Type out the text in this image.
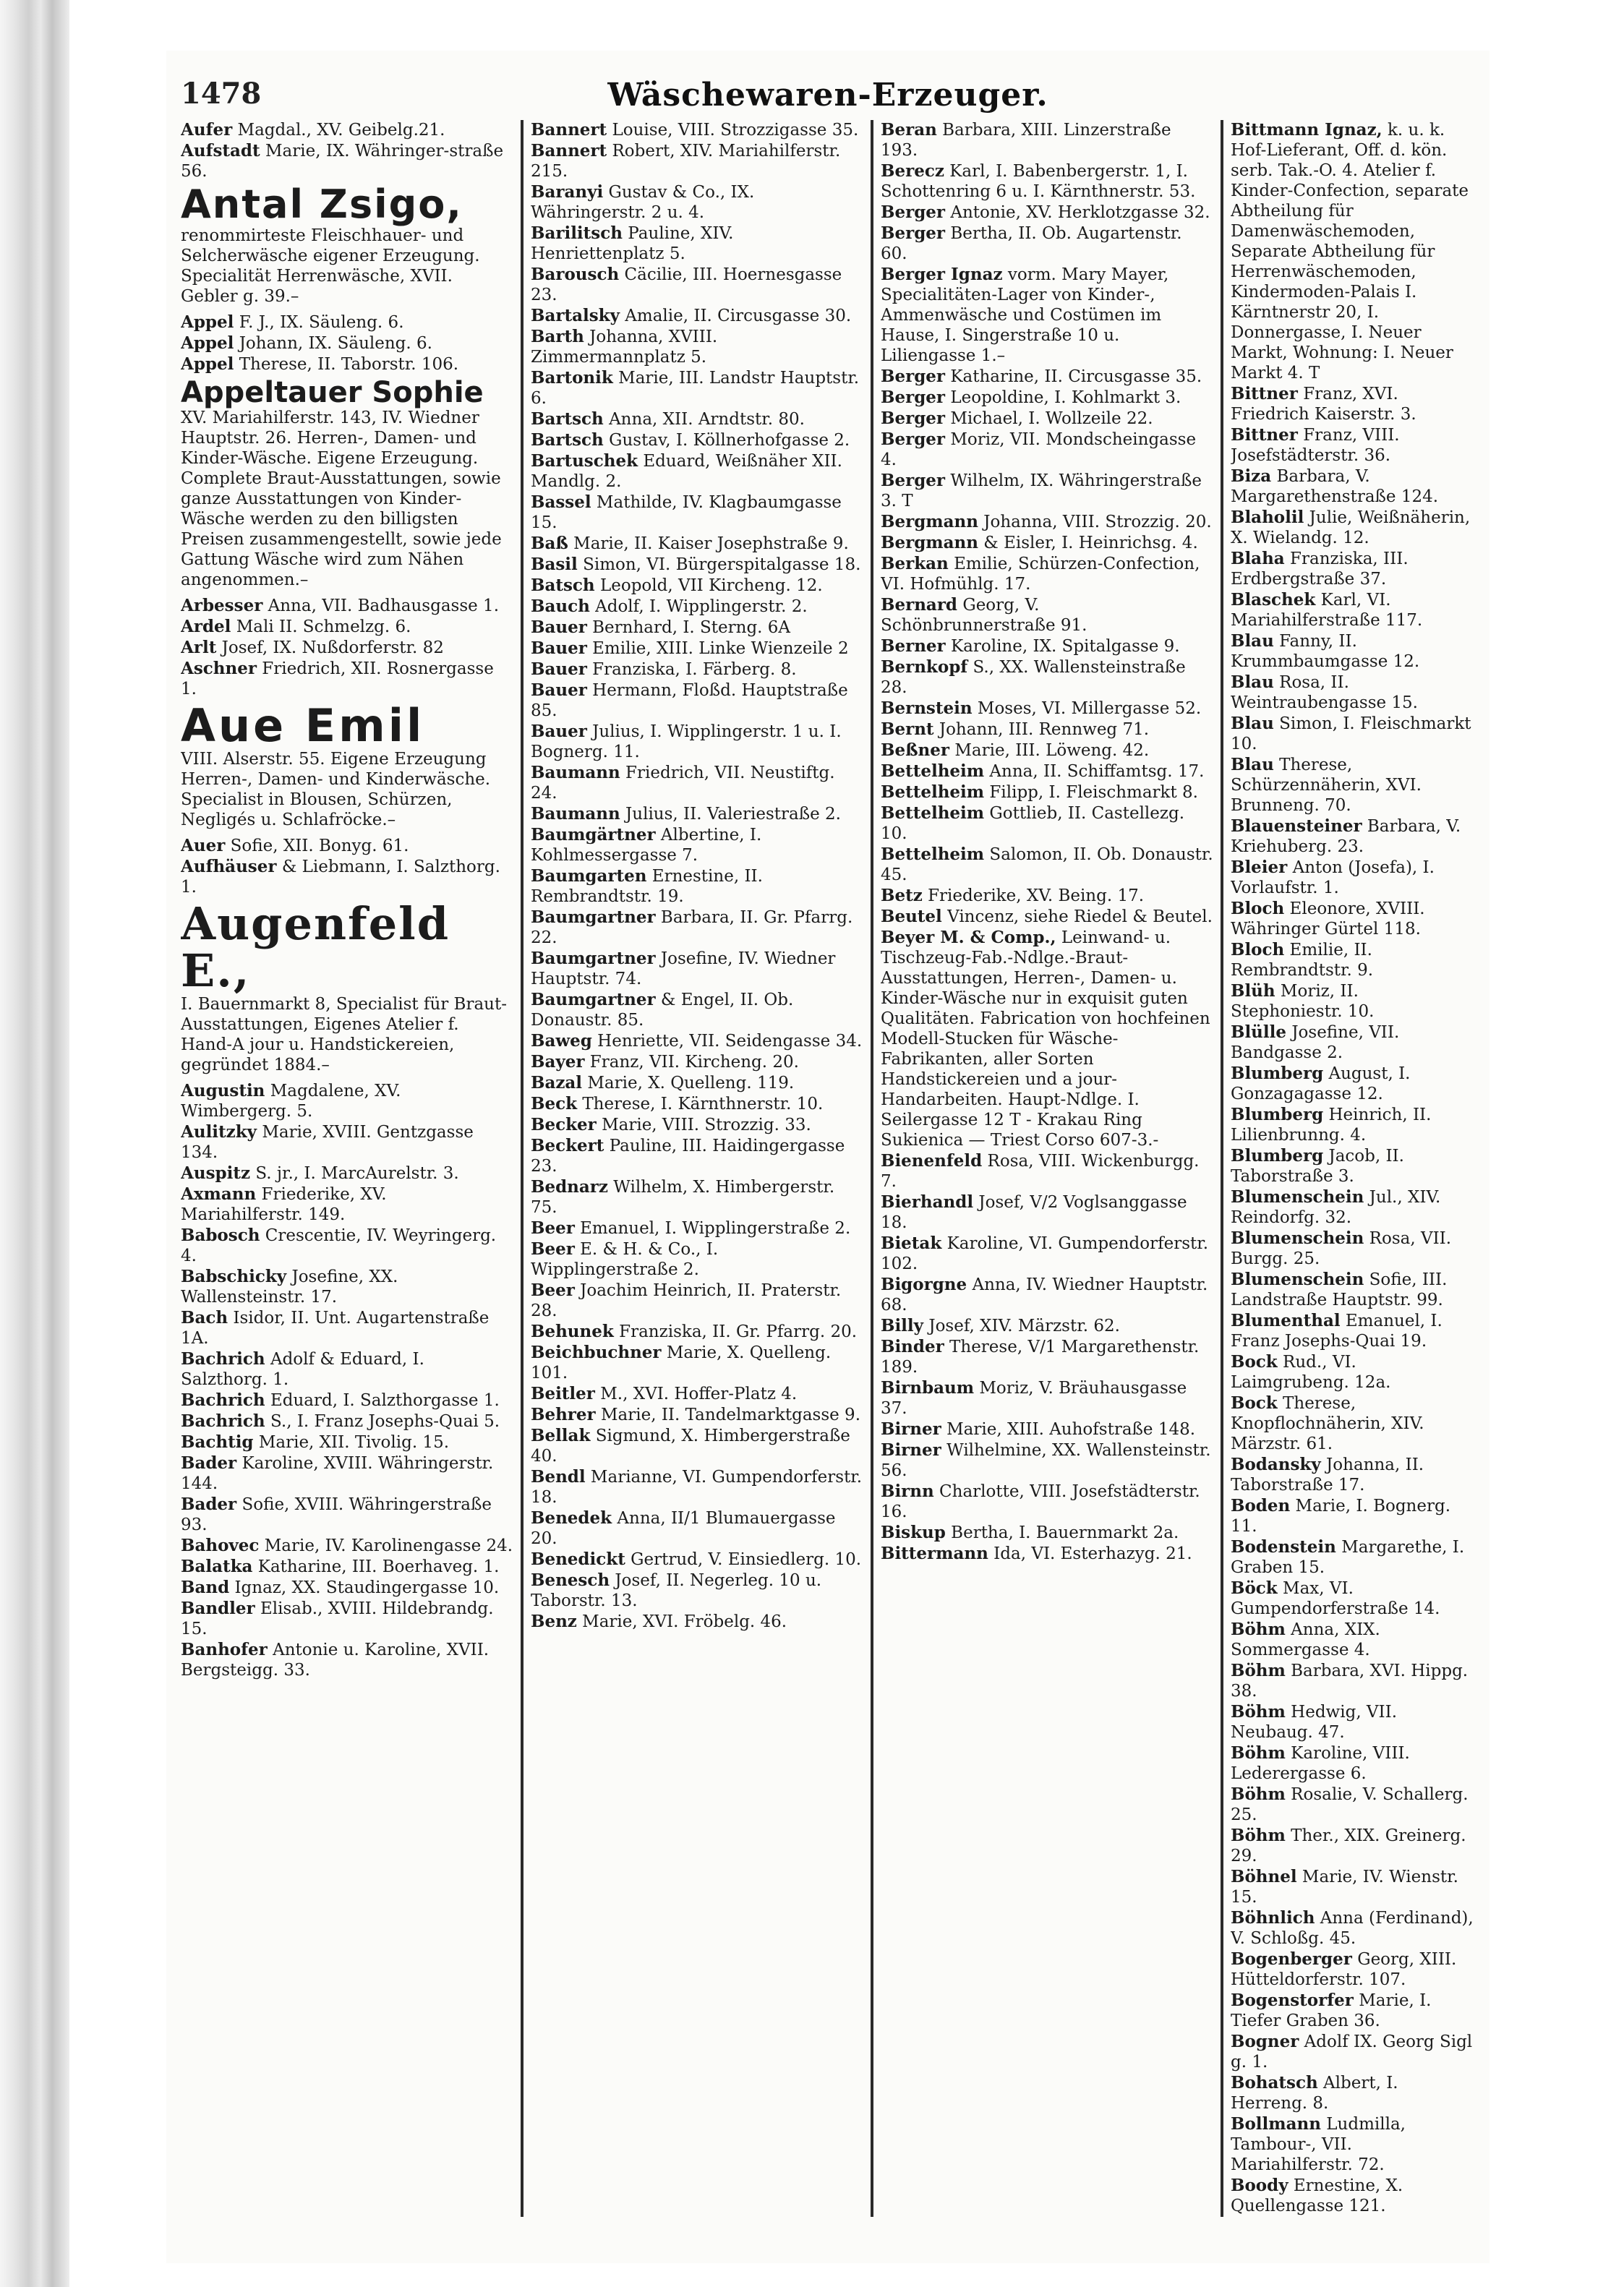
1478	Wäschewaren-Erzeuger.
Aufer Magdal., XV. Geibelg.21.
Aufstadt Marie, IX. Währinger-straße 56.
Antal Zsigo,
renommirteste Fleischhauer- und Selcherwäsche eigener Erzeugung. Specialität Herrenwäsche, XVII. Gebler g. 39.–
Appel F. J., IX. Säuleng. 6.
Appel Johann, IX. Säuleng. 6.
Appel Therese, II. Taborstr. 106.
Appeltauer Sophie
XV. Mariahilferstr. 143, IV. Wiedner Hauptstr. 26. Herren-, Damen- und Kinder-Wäsche. Eigene Erzeugung. Complete Braut-Ausstattungen, sowie ganze Ausstattungen von Kinder-Wäsche werden zu den billigsten Preisen zusammengestellt, sowie jede Gattung Wäsche wird zum Nähen angenommen.–
Arbesser Anna, VII. Badhausgasse 1.
Ardel Mali II. Schmelzg. 6.
Arlt Josef, IX. Nußdorferstr. 82
Aschner Friedrich, XII. Rosnergasse 1.
Aue Emil
VIII. Alserstr. 55. Eigene Erzeugung Herren-, Damen- und Kinderwäsche. Specialist in Blousen, Schürzen, Negligés u. Schlafröcke.–
Auer Sofie, XII. Bonyg. 61.
Aufhäuser & Liebmann, I. Salzthorg. 1.
Augenfeld E.,
I. Bauernmarkt 8, Specialist für Braut-Ausstattungen, Eigenes Atelier f. Hand-A jour u. Handstickereien, gegründet 1884.–
Augustin Magdalene, XV. Wimbergerg. 5.
Aulitzky Marie, XVIII. Gentzgasse 134.
Auspitz S. jr., I. MarcAurelstr. 3.
Axmann Friederike, XV. Mariahilferstr. 149.
Babosch Crescentie, IV. Weyringerg. 4.
Babschicky Josefine, XX. Wallensteinstr. 17.
Bach Isidor, II. Unt. Augartenstraße 1A.
Bachrich Adolf & Eduard, I. Salzthorg. 1.
Bachrich Eduard, I. Salzthorgasse 1.
Bachrich S., I. Franz Josephs-Quai 5.
Bachtig Marie, XII. Tivolig. 15.
Bader Karoline, XVIII. Währingerstr. 144.
Bader Sofie, XVIII. Währingerstraße 93.
Bahovec Marie, IV. Karolinengasse 24.
Balatka Katharine, III. Boerhaveg. 1.
Band Ignaz, XX. Staudingergasse 10.
Bandler Elisab., XVIII. Hildebrandg. 15.
Banhofer Antonie u. Karoline, XVII. Bergsteigg. 33.
Bannert Louise, VIII. Strozzigasse 35.
Bannert Robert, XIV. Mariahilferstr. 215.
Baranyi Gustav & Co., IX. Währingerstr. 2 u. 4.
Barilitsch Pauline, XIV. Henriettenplatz 5.
Barousch Cäcilie, III. Hoernesgasse 23.
Bartalsky Amalie, II. Circusgasse 30.
Barth Johanna, XVIII. Zimmermannplatz 5.
Bartonik Marie, III. Landstr Hauptstr. 6.
Bartsch Anna, XII. Arndtstr. 80.
Bartsch Gustav, I. Köllnerhofgasse 2.
Bartuschek Eduard, Weißnäher XII. Mandlg. 2.
Bassel Mathilde, IV. Klagbaumgasse 15.
Baß Marie, II. Kaiser Josephstraße 9.
Basil Simon, VI. Bürgerspitalgasse 18.
Batsch Leopold, VII Kircheng. 12.
Bauch Adolf, I. Wipplingerstr. 2.
Bauer Bernhard, I. Sterng. 6A
Bauer Emilie, XIII. Linke Wienzeile 2
Bauer Franziska, I. Färberg. 8.
Bauer Hermann, Floßd. Hauptstraße 85.
Bauer Julius, I. Wipplingerstr. 1 u. I. Bognerg. 11.
Baumann Friedrich, VII. Neustiftg. 24.
Baumann Julius, II. Valeriestraße 2.
Baumgärtner Albertine, I. Kohlmessergasse 7.
Baumgarten Ernestine, II. Rembrandtstr. 19.
Baumgartner Barbara, II. Gr. Pfarrg. 22.
Baumgartner Josefine, IV. Wiedner Hauptstr. 74.
Baumgartner & Engel, II. Ob. Donaustr. 85.
Baweg Henriette, VII. Seidengasse 34.
Bayer Franz, VII. Kircheng. 20.
Bazal Marie, X. Quelleng. 119.
Beck Therese, I. Kärnthnerstr. 10.
Becker Marie, VIII. Strozzig. 33.
Beckert Pauline, III. Haidingergasse 23.
Bednarz Wilhelm, X. Himbergerstr. 75.
Beer Emanuel, I. Wipplingerstraße 2.
Beer E. & H. & Co., I. Wipplingerstraße 2.
Beer Joachim Heinrich, II. Praterstr. 28.
Behunek Franziska, II. Gr. Pfarrg. 20.
Beichbuchner Marie, X. Quelleng. 101.
Beitler M., XVI. Hoffer-Platz 4.
Behrer Marie, II. Tandelmarktgasse 9.
Bellak Sigmund, X. Himbergerstraße 40.
Bendl Marianne, VI. Gumpendorferstr. 18.
Benedek Anna, II/1 Blumauergasse 20.
Benedickt Gertrud, V. Einsiedlerg. 10.
Benesch Josef, II. Negerleg. 10 u. Taborstr. 13.
Benz Marie, XVI. Fröbelg. 46.
Beran Barbara, XIII. Linzerstraße 193.
Berecz Karl, I. Babenbergerstr. 1, I. Schottenring 6 u. I. Kärnthnerstr. 53.
Berger Antonie, XV. Herklotzgasse 32.
Berger Bertha, II. Ob. Augartenstr. 60.
Berger Ignaz vorm. Mary Mayer, Specialitäten-Lager von Kinder-, Ammenwäsche und Costümen im Hause, I. Singerstraße 10 u. Liliengasse 1.–
Berger Katharine, II. Circusgasse 35.
Berger Leopoldine, I. Kohlmarkt 3.
Berger Michael, I. Wollzeile 22.
Berger Moriz, VII. Mondscheingasse 4.
Berger Wilhelm, IX. Währingerstraße 3. T
Bergmann Johanna, VIII. Strozzig. 20.
Bergmann & Eisler, I. Heinrichsg. 4.
Berkan Emilie, Schürzen-Confection, VI. Hofmühlg. 17.
Bernard Georg, V. Schönbrunnerstraße 91.
Berner Karoline, IX. Spitalgasse 9.
Bernkopf S., XX. Wallensteinstraße 28.
Bernstein Moses, VI. Millergasse 52.
Bernt Johann, III. Rennweg 71.
Beßner Marie, III. Löweng. 42.
Bettelheim Anna, II. Schiffamtsg. 17.
Bettelheim Filipp, I. Fleischmarkt 8.
Bettelheim Gottlieb, II. Castellezg. 10.
Bettelheim Salomon, II. Ob. Donaustr. 45.
Betz Friederike, XV. Being. 17.
Beutel Vincenz, siehe Riedel & Beutel.
Beyer M. & Comp., Leinwand- u. Tischzeug-Fab.-Ndlge.-Braut-Ausstattungen, Herren-, Damen- u. Kinder-Wäsche nur in exquisit guten Qualitäten. Fabrication von hochfeinen Modell-Stucken für Wäsche-Fabrikanten, aller Sorten Handstickereien und a jour-Handarbeiten. Haupt-Ndlge. I. Seilergasse 12 T - Krakau Ring Sukienica — Triest Corso 607-3.-
Bienenfeld Rosa, VIII. Wickenburgg. 7.
Bierhandl Josef, V/2 Voglsanggasse 18.
Bietak Karoline, VI. Gumpendorferstr. 102.
Bigorgne Anna, IV. Wiedner Hauptstr. 68.
Billy Josef, XIV. Märzstr. 62.
Binder Therese, V/1 Margarethenstr. 189.
Birnbaum Moriz, V. Bräuhausgasse 37.
Birner Marie, XIII. Auhofstraße 148.
Birner Wilhelmine, XX. Wallensteinstr. 56.
Birnn Charlotte, VIII. Josefstädterstr. 16.
Biskup Bertha, I. Bauernmarkt 2a.
Bittermann Ida, VI. Esterhazyg. 21.
Bittmann Ignaz, k. u. k. Hof-Lieferant, Off. d. kön. serb. Tak.-O. 4. Atelier f. Kinder-Confection, separate Abtheilung für Damenwäschemoden, Separate Abtheilung für Herrenwäschemoden, Kindermoden-Palais I. Kärntnerstr 20, I. Donnergasse, I. Neuer Markt, Wohnung: I. Neuer Markt 4. T
Bittner Franz, XVI. Friedrich Kaiserstr. 3.
Bittner Franz, VIII. Josefstädterstr. 36.
Biza Barbara, V. Margarethenstraße 124.
Blaholil Julie, Weißnäherin, X. Wielandg. 12.
Blaha Franziska, III. Erdbergstraße 37.
Blaschek Karl, VI. Mariahilferstraße 117.
Blau Fanny, II. Krummbaumgasse 12.
Blau Rosa, II. Weintraubengasse 15.
Blau Simon, I. Fleischmarkt 10.
Blau Therese, Schürzennäherin, XVI. Brunneng. 70.
Blauensteiner Barbara, V. Kriehuberg. 23.
Bleier Anton (Josefa), I. Vorlaufstr. 1.
Bloch Eleonore, XVIII. Währinger Gürtel 118.
Bloch Emilie, II. Rembrandtstr. 9.
Blüh Moriz, II. Stephoniestr. 10.
Blülle Josefine, VII. Bandgasse 2.
Blumberg August, I. Gonzagagasse 12.
Blumberg Heinrich, II. Lilienbrunng. 4.
Blumberg Jacob, II. Taborstraße 3.
Blumenschein Jul., XIV. Reindorfg. 32.
Blumenschein Rosa, VII. Burgg. 25.
Blumenschein Sofie, III. Landstraße Hauptstr. 99.
Blumenthal Emanuel, I. Franz Josephs-Quai 19.
Bock Rud., VI. Laimgrubeng. 12a.
Bock Therese, Knopflochnäherin, XIV. Märzstr. 61.
Bodansky Johanna, II. Taborstraße 17.
Boden Marie, I. Bognerg. 11.
Bodenstein Margarethe, I. Graben 15.
Böck Max, VI. Gumpendorferstraße 14.
Böhm Anna, XIX. Sommergasse 4.
Böhm Barbara, XVI. Hippg. 38.
Böhm Hedwig, VII. Neubaug. 47.
Böhm Karoline, VIII. Lederergasse 6.
Böhm Rosalie, V. Schallerg. 25.
Böhm Ther., XIX. Greinerg. 29.
Böhnel Marie, IV. Wienstr. 15.
Böhnlich Anna (Ferdinand), V. Schloßg. 45.
Bogenberger Georg, XIII. Hütteldorferstr. 107.
Bogenstorfer Marie, I. Tiefer Graben 36.
Bogner Adolf IX. Georg Sigl g. 1.
Bohatsch Albert, I. Herreng. 8.
Bollmann Ludmilla, Tambour-, VII. Mariahilferstr. 72.
Boody Ernestine, X. Quellengasse 121.
